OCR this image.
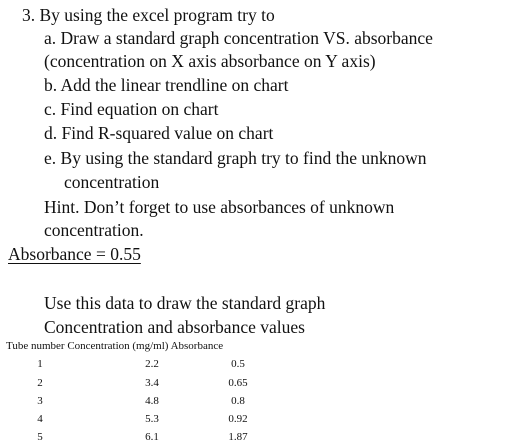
3. By using the excel program try to
a. Draw a standard graph concentration VS. absorbance
(concentration on X axis absorbance on Y axis)
b. Add the linear trendline on chart
c. Find equation on chart
d. Find R-squared value on chart
e. By using the standard graph try to find the unknown
concentration
Hint. Don’t forget to use absorbances of unknown
concentration.
Absorbance = 0.55
Use this data to draw the standard graph
Concentration and absorbance values
Tube number Concentration (mg/ml) Absorbance
1	2.2	0.5
2	3.4	0.65
3	4.8	0.8
4	5.3	0.92
5	6.1	1.87
